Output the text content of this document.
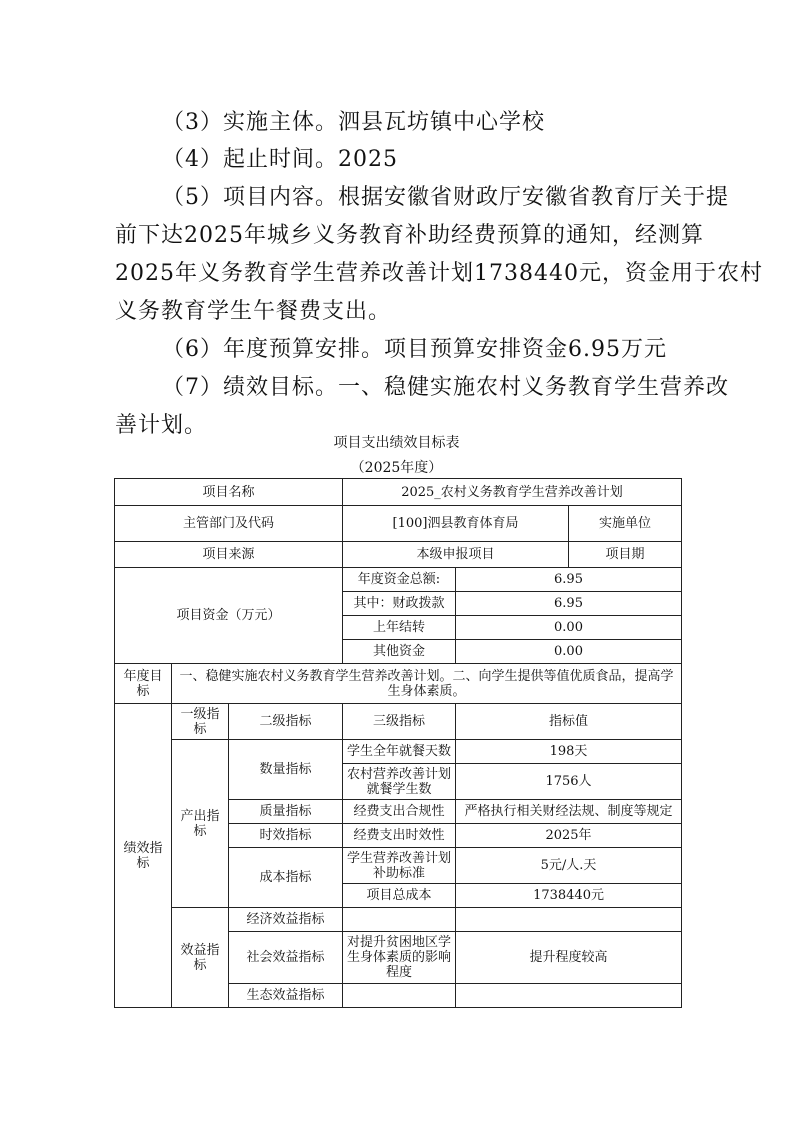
（3）实施主体。泗县瓦坊镇中心学校
（4）起止时间。2025
（5）项目内容。根据安徽省财政厅安徽省教育厅关于提
前下达2025年城乡义务教育补助经费预算的通知，经测算
2025年义务教育学生营养改善计划1738440元，资金用于农村
义务教育学生午餐费支出。
（6）年度预算安排。项目预算安排资金6.95万元
（7）绩效目标。一、稳健实施农村义务教育学生营养改
善计划。
项目支出绩效目标表
（2025年度）
项目名称			2025_农村义务教育学生营养改善计划		
主管部门及代码			[100]泗县教育体育局		实施单位
项目来源			本级申报项目		项目期
项目资金（万元）			年度资金总额:	6.95	
			其中：财政拨款	6.95	
			上年结转	0.00	
			其他资金	0.00	
年度目标	一、稳健实施农村义务教育学生营养改善计划。二、向学生提供等值优质食品，提高学生身体素质。				
绩效指标	一级指标	二级指标	三级指标	指标值	
	产出指标	数量指标	学生全年就餐天数	198天	
			农村营养改善计划就餐学生数	1756人	
		质量指标	经费支出合规性	严格执行相关财经法规、制度等规定	
		时效指标	经费支出时效性	2025年	
		成本指标	学生营养改善计划补助标准	5元/人.天	
			项目总成本	1738440元	
	效益指标	经济效益指标			
		社会效益指标	对提升贫困地区学生身体素质的影响程度	提升程度较高	
		生态效益指标			
